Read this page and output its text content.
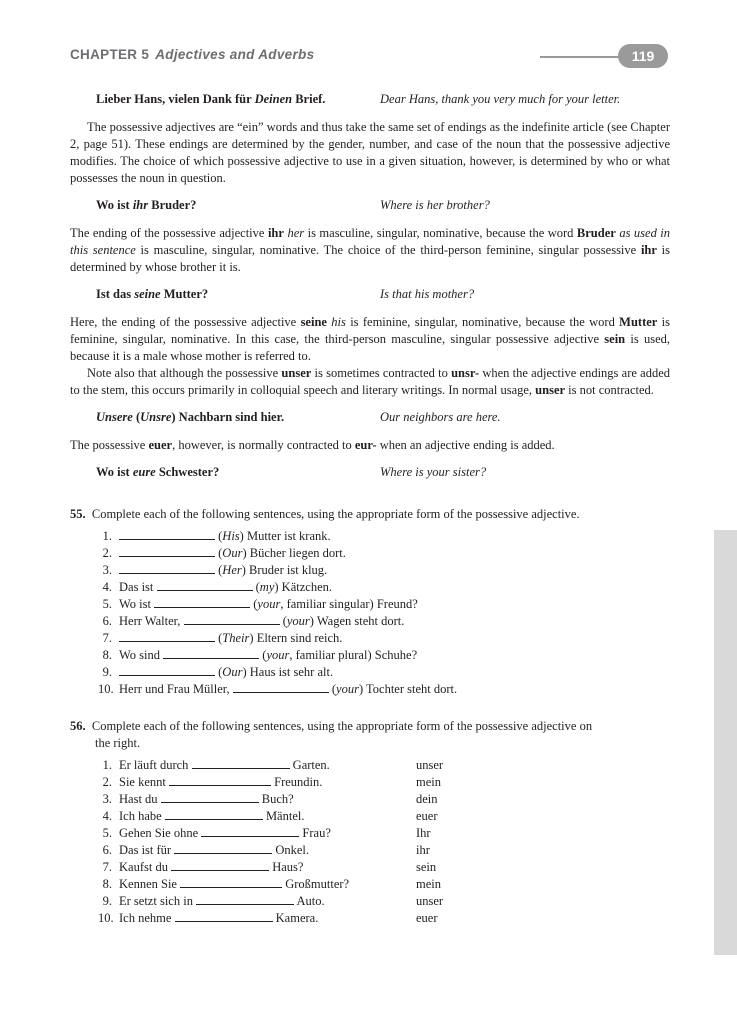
CHAPTER 5 Adjectives and Adverbs	119
Lieber Hans, vielen Dank für Deinen Brief.	Dear Hans, thank you very much for your letter.

The possessive adjectives are “ein” words and thus take the same set of endings as the indefinite article (see Chapter 2, page 51). These endings are determined by the gender, number, and case of the noun that the possessive adjective modifies. The choice of which possessive adjective to use in a given situation, however, is determined by who or what possesses the noun in question.

Wo ist ihr Bruder?	Where is her brother?

The ending of the possessive adjective ihr her is masculine, singular, nominative, because the word Bruder as used in this sentence is masculine, singular, nominative. The choice of the third-person feminine, singular possessive ihr is determined by whose brother it is.

Ist das seine Mutter?	Is that his mother?

Here, the ending of the possessive adjective seine his is feminine, singular, nominative, because the word Mutter is feminine, singular, nominative. In this case, the third-person masculine, singular possessive adjective sein is used, because it is a male whose mother is referred to.

Note also that although the possessive unser is sometimes contracted to unsr- when the adjective endings are added to the stem, this occurs primarily in colloquial speech and literary writings. In normal usage, unser is not contracted.

Unsere (Unsre) Nachbarn sind hier.	Our neighbors are here.

The possessive euer, however, is normally contracted to eur- when an adjective ending is added.

Wo ist eure Schwester?	Where is your sister?
55. Complete each of the following sentences, using the appropriate form of the possessive adjective.
1.	(His) Mutter ist krank.
2.	(Our) Bücher liegen dort.
3.	(Her) Bruder ist klug.
4. Das ist	(my) Kätzchen.
5. Wo ist	(your, familiar singular) Freund?
6. Herr Walter,	(your) Wagen steht dort.
7.	(Their) Eltern sind reich.
8. Wo sind	(your, familiar plural) Schuhe?
9.	(Our) Haus ist sehr alt.
10. Herr und Frau Müller,	(your) Tochter steht dort.
56. Complete each of the following sentences, using the appropriate form of the possessive adjective on
the right.
1. Er läuft durch	Garten.	unser
2. Sie kennt	Freundin.	mein
3. Hast du	Buch?	dein
4. Ich habe	Mäntel.	euer
5. Gehen Sie ohne	Frau?	Ihr
6. Das ist für	Onkel.	ihr
7. Kaufst du	Haus?	sein
8. Kennen Sie	Großmutter?	mein
9. Er setzt sich in	Auto.	unser
10. Ich nehme	Kamera.	euer
